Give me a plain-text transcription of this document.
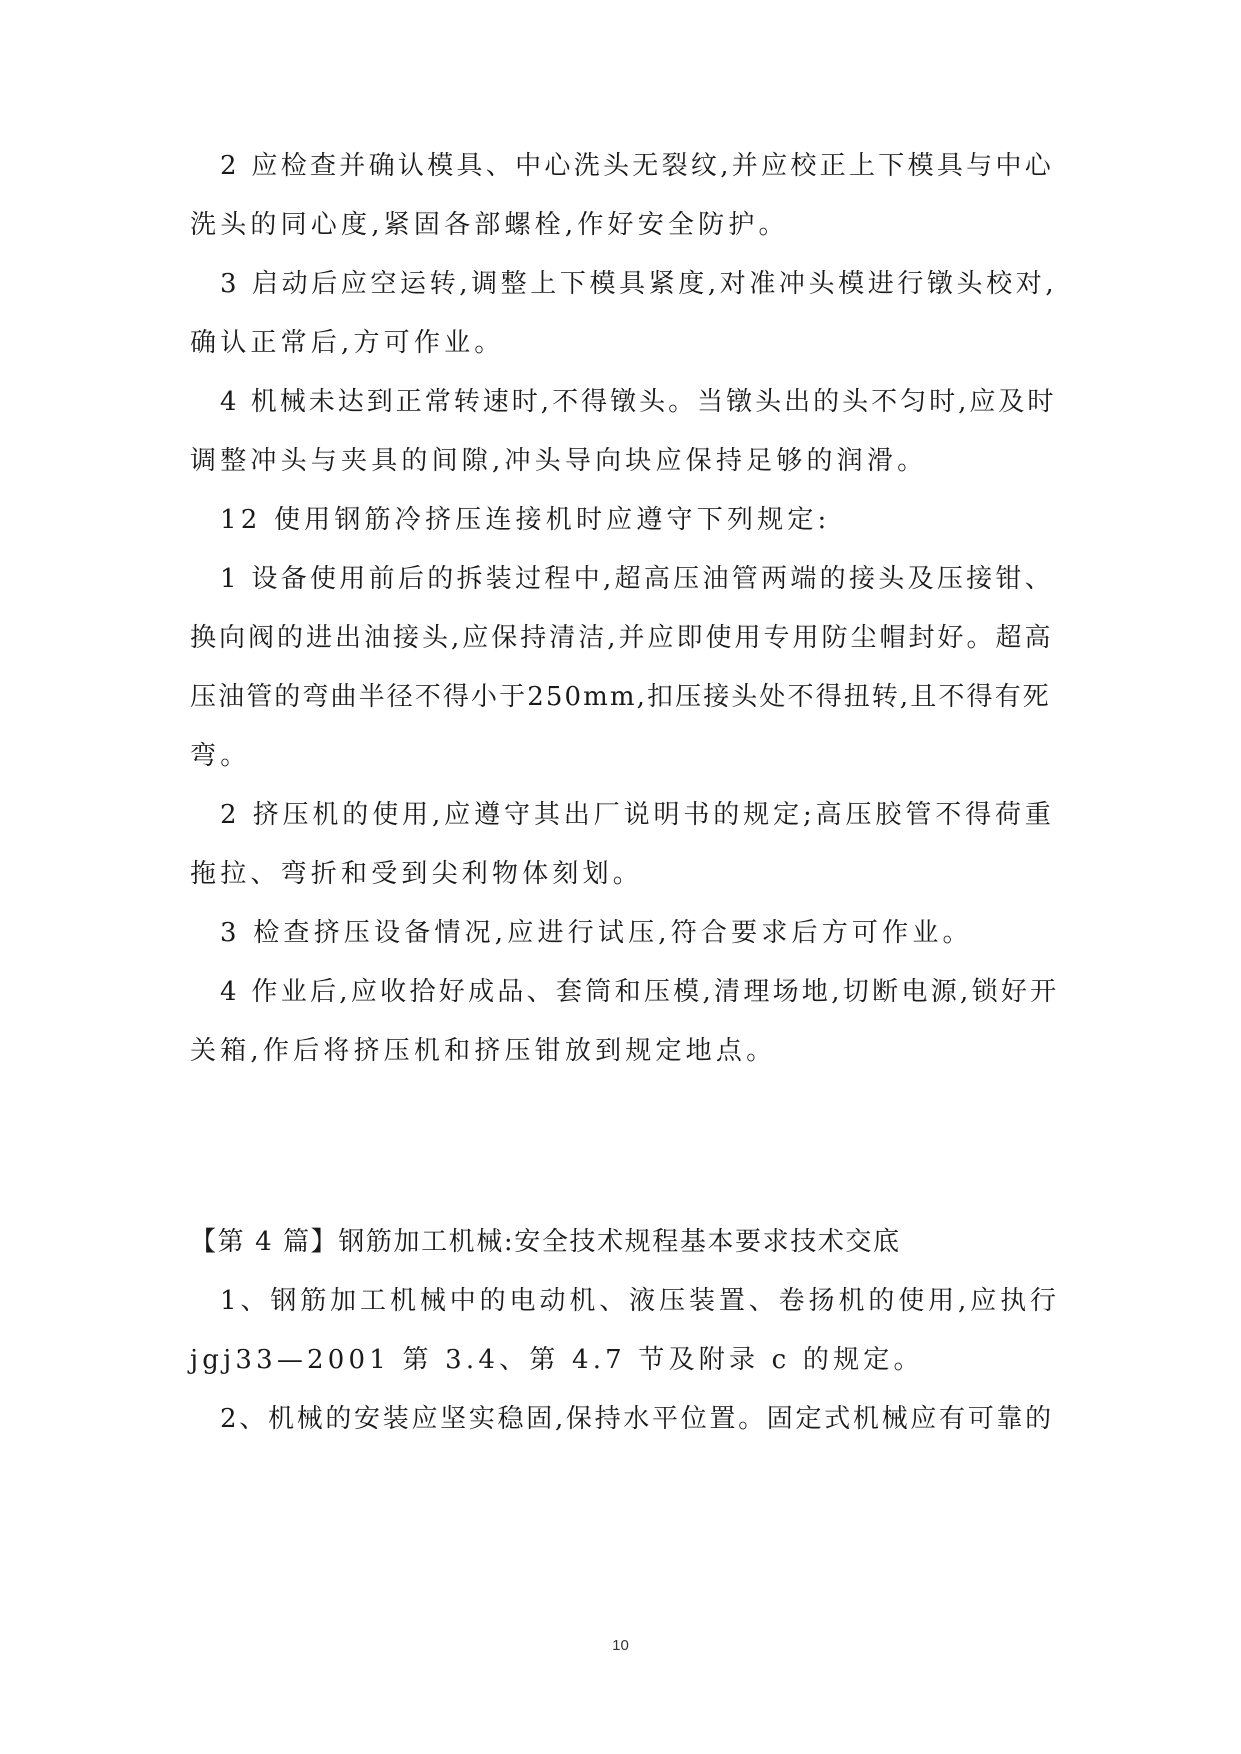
2 应检查并确认模具、中心洗头无裂纹,并应校正上下模具与中心
洗头的同心度,紧固各部螺栓,作好安全防护。
3 启动后应空运转,调整上下模具紧度,对准冲头模进行镦头校对,
确认正常后,方可作业。
4 机械未达到正常转速时,不得镦头。当镦头出的头不匀时,应及时
调整冲头与夹具的间隙,冲头导向块应保持足够的润滑。
12 使用钢筋冷挤压连接机时应遵守下列规定:
1 设备使用前后的拆装过程中,超高压油管两端的接头及压接钳、
换向阀的进出油接头,应保持清洁,并应即使用专用防尘帽封好。超高
压油管的弯曲半径不得小于250mm,扣压接头处不得扭转,且不得有死
弯。
2 挤压机的使用,应遵守其出厂说明书的规定;高压胶管不得荷重
拖拉、弯折和受到尖利物体刻划。
3 检查挤压设备情况,应进行试压,符合要求后方可作业。
4 作业后,应收拾好成品、套筒和压模,清理场地,切断电源,锁好开
关箱,作后将挤压机和挤压钳放到规定地点。
【第 4 篇】钢筋加工机械:安全技术规程基本要求技术交底
1、钢筋加工机械中的电动机、液压装置、卷扬机的使用,应执行
jgj33—2001 第 3.4、第 4.7 节及附录 c 的规定。
2、机械的安装应坚实稳固,保持水平位置。固定式机械应有可靠的
10
